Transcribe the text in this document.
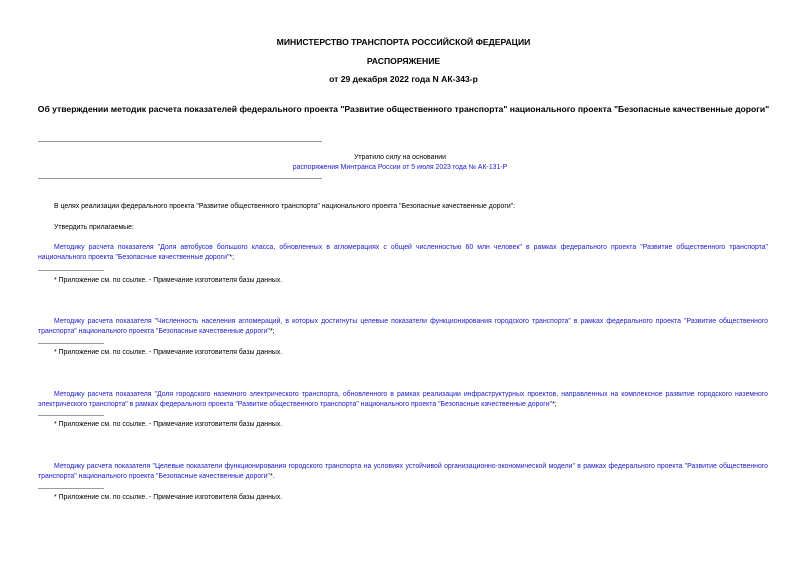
МИНИСТЕРСТВО ТРАНСПОРТА РОССИЙСКОЙ ФЕДЕРАЦИИ
РАСПОРЯЖЕНИЕ
от 29 декабря 2022 года N АК-343-р
Об утверждении методик расчета показателей федерального проекта "Развитие общественного транспорта" национального проекта "Безопасные качественные дороги"
Утратило силу на основании
распоряжения Минтранса России от 5 июля 2023 года № АК-131-Р
В целях реализации федерального проекта "Развитие общественного транспорта" национального проекта "Безопасные качественные дороги":
Утвердить прилагаемые:
Методику расчета показателя "Доля автобусов большого класса, обновленных в агломерациях с общей численностью 60 млн человек" в рамках федерального проекта "Развитие общественного транспорта" национального проекта "Безопасные качественные дороги"*;
* Приложение см. по ссылке. - Примечание изготовителя базы данных.
Методику расчета показателя "Численность населения агломераций, в которых достигнуты целевые показатели функционирования городского транспорта" в рамках федерального проекта "Развитие общественного транспорта" национального проекта "Безопасные качественные дороги"*;
* Приложение см. по ссылке. - Примечание изготовителя базы данных.
Методику расчета показателя "Доля городского наземного электрического транспорта, обновленного в рамках реализации инфраструктурных проектов, направленных на комплексное развитие городского наземного электрического транспорта" в рамках федерального проекта "Развитие общественного транспорта" национального проекта "Безопасные качественные дороги"*;
* Приложение см. по ссылке. - Примечание изготовителя базы данных.
Методику расчета показателя "Целевые показатели функционирования городского транспорта на условиях устойчивой организационно-экономической модели" в рамках федерального проекта "Развитие общественного транспорта" национального проекта "Безопасные качественные дороги"*.
* Приложение см. по ссылке. - Примечание изготовителя базы данных.
